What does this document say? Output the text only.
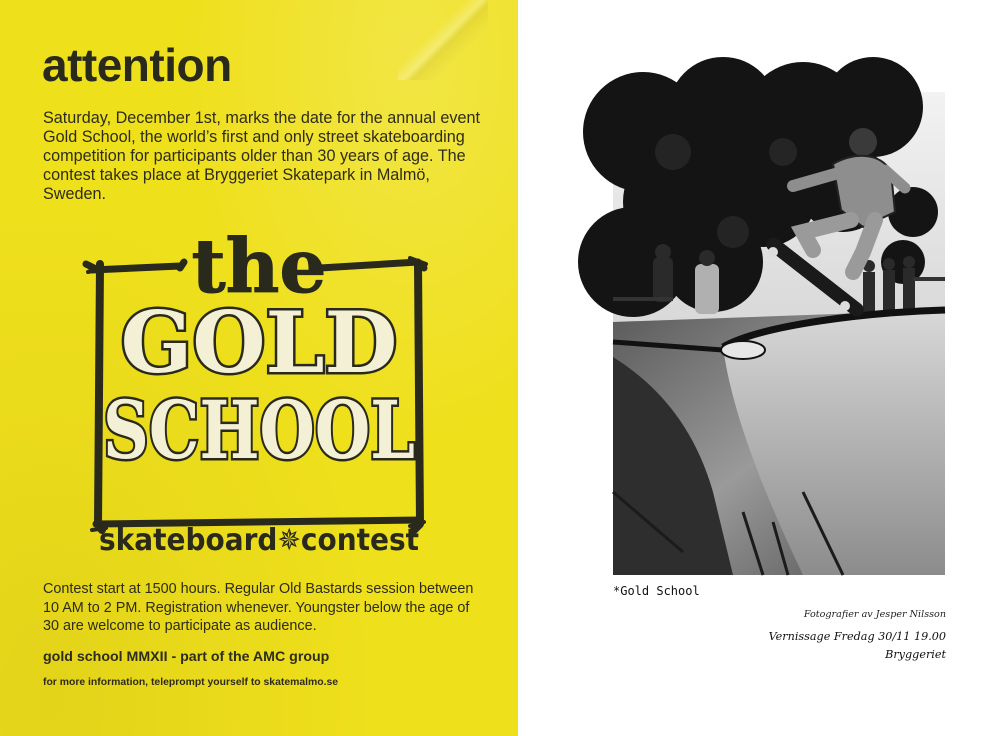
attention

Saturday, December 1st, marks the date for the annual event Gold School, the world’s first and only street skateboarding competition for participants older than 30 years of age. The contest takes place at Bryggeriet Skatepark in Malmö, Sweden.

the
GOLD
SCHOOL
skateboard✵contest

Contest start at 1500 hours. Regular Old Bastards session between 10 AM to 2 PM. Registration whenever. Youngster below the age of 30 are welcome to participate as audience.

gold school MMXII - part of the AMC group

for more information, teleprompt yourself to skatemalmo.se

*Gold School

Fotografier av Jesper Nilsson

Vernissage Fredag 30/11 19.00

Bryggeriet
